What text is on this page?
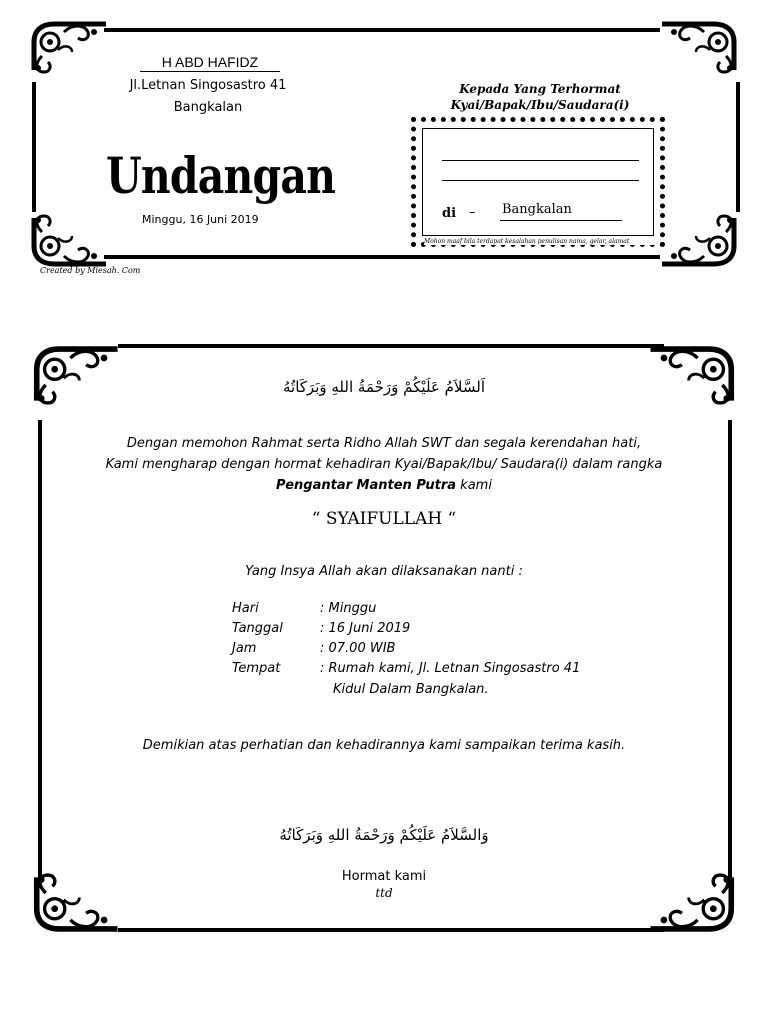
H ABD HAFIDZ
Jl.Letnan Singosastro 41
Bangkalan
Undangan
Minggu, 16 Juni 2019
Kepada Yang Terhormat
Kyai/Bapak/Ibu/Saudara(i)
di – Bangkalan
Mohon maaf bila terdapat kesalahan penulisan nama, gelar, alamat
Created by Miesah. Com
اَلسَّلاَمُ عَلَيْكُمْ وَرَحْمَةُ اللهِ وَبَرَكَاتُهُ
Dengan memohon Rahmat serta Ridho Allah SWT dan segala kerendahan hati,
Kami mengharap dengan hormat kehadiran Kyai/Bapak/Ibu/ Saudara(i) dalam rangka
Pengantar Manten Putra kami
“ SYAIFULLAH “
Yang Insya Allah akan dilaksanakan nanti :
Hari	: Minggu
Tanggal	: 16 Juni 2019
Jam	: 07.00 WIB
Tempat	: Rumah kami, Jl. Letnan Singosastro 41
Kidul Dalam Bangkalan.
Demikian atas perhatian dan kehadirannya kami sampaikan terima kasih.
وَالسَّلاَمُ عَلَيْكُمْ وَرَحْمَةُ اللهِ وَبَرَكَاتُهُ
Hormat kami
ttd
